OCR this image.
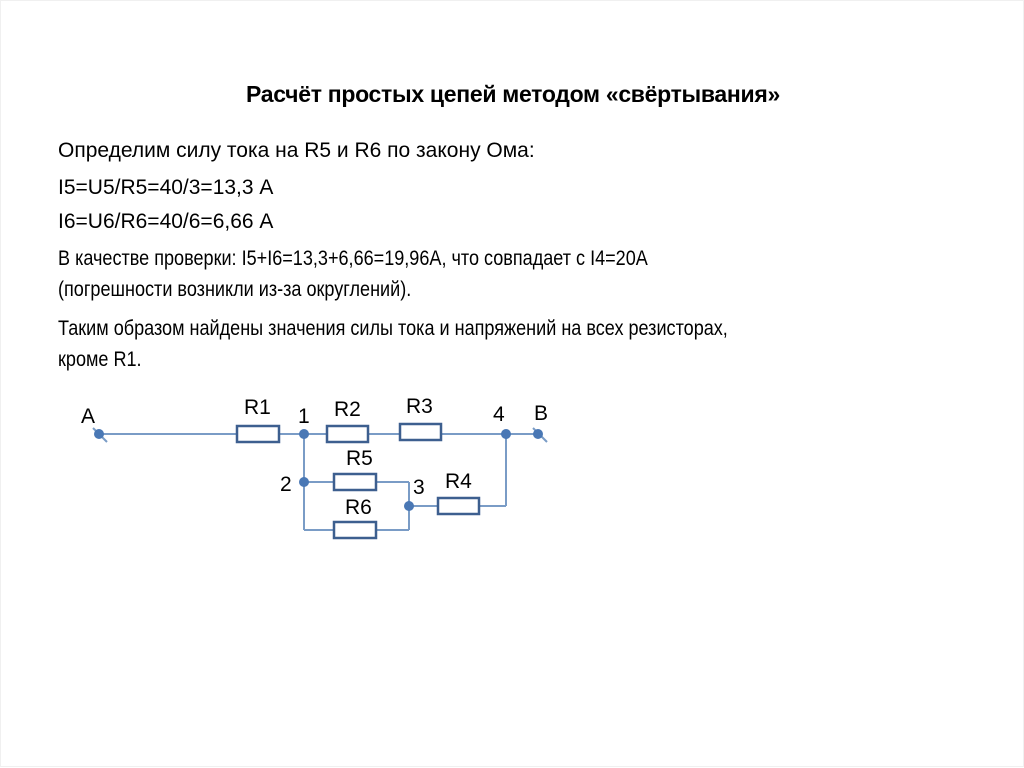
Расчёт простых цепей методом «свёртывания»
Определим силу тока на R5 и R6 по закону Ома:
I5=U5/R5=40/3=13,3 А
I6=U6/R6=40/6=6,66 А
В качестве проверки: I5+I6=13,3+6,66=19,96А, что совпадает с I4=20А
(погрешности возникли из-за округлений).
Таким образом найдены значения силы тока и напряжений на всех резисторах,
кроме R1.
A	B
1
2	3
4
R1	R2 R3
R4
R5
R6
